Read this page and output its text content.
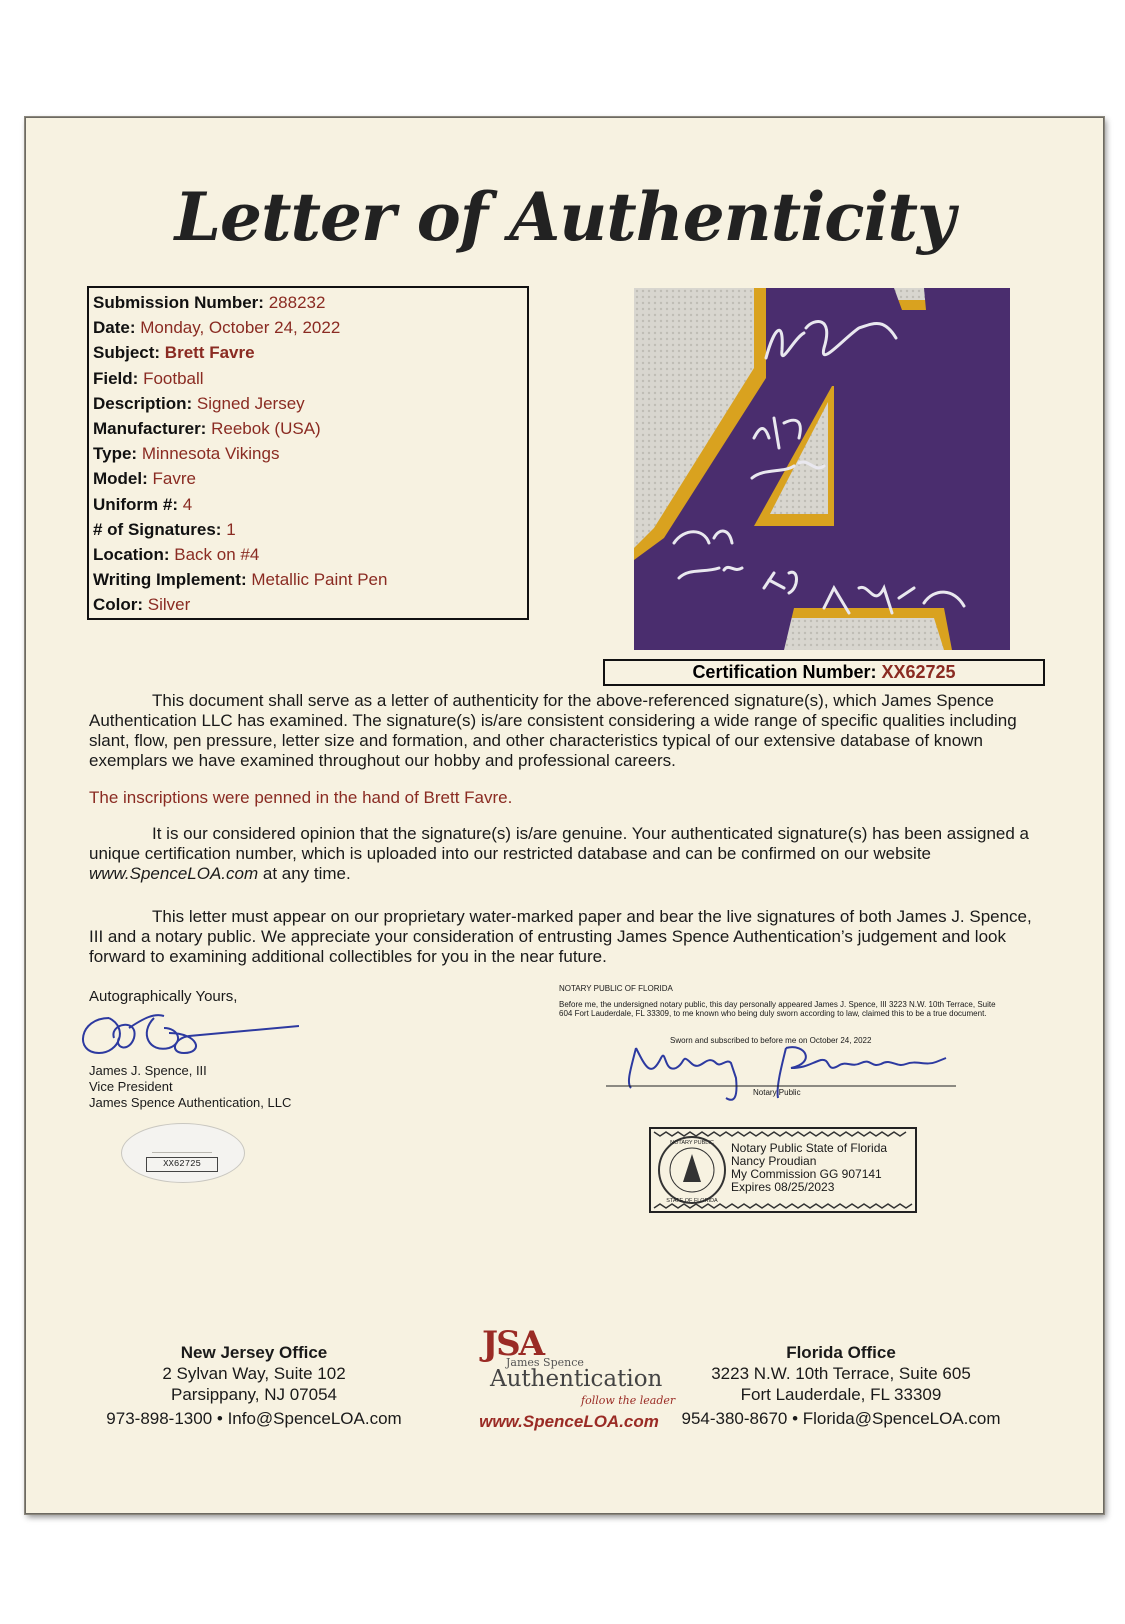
Letter of Authenticity
Submission Number: 288232
Date: Monday, October 24, 2022
Subject: Brett Favre
Field: Football
Description: Signed Jersey
Manufacturer: Reebok (USA)
Type: Minnesota Vikings
Model: Favre
Uniform #: 4
# of Signatures: 1
Location: Back on #4
Writing Implement: Metallic Paint Pen
Color: Silver
Certification Number: XX62725
This document shall serve as a letter of authenticity for the above-referenced signature(s), which James Spence Authentication LLC has examined. The signature(s) is/are consistent considering a wide range of specific qualities including slant, flow, pen pressure, letter size and formation, and other characteristics typical of our extensive database of known exemplars we have examined throughout our hobby and professional careers.
The inscriptions were penned in the hand of Brett Favre.
It is our considered opinion that the signature(s) is/are genuine. Your authenticated signature(s) has been assigned a unique certification number, which is uploaded into our restricted database and can be confirmed on our website www.SpenceLOA.com at any time.
This letter must appear on our proprietary water-marked paper and bear the live signatures of both James J. Spence, III and a notary public. We appreciate your consideration of entrusting James Spence Authentication’s judgement and look forward to examining additional collectibles for you in the near future.
Autographically Yours,
James J. Spence, III
Vice President
James Spence Authentication, LLC
XX62725
NOTARY PUBLIC OF FLORIDA
Before me, the undersigned notary public, this day personally appeared James J. Spence, III 3223 N.W. 10th Terrace, Suite 604 Fort Lauderdale, FL 33309, to me known who being duly sworn according to law, claimed this to be a true document.
Sworn and subscribed to before me on October 24, 2022
Notary Public
NOTARY PUBLIC
STATE OF FLORIDA
Notary Public State of Florida
Nancy Proudian
My Commission GG 907141
Expires 08/25/2023
New Jersey Office
2 Sylvan Way, Suite 102
Parsippany, NJ 07054
973-898-1300 • Info@SpenceLOA.com
JSA
James Spence
Authentication
follow the leader
www.SpenceLOA.com
Florida Office
3223 N.W. 10th Terrace, Suite 605
Fort Lauderdale, FL 33309
954-380-8670 • Florida@SpenceLOA.com
